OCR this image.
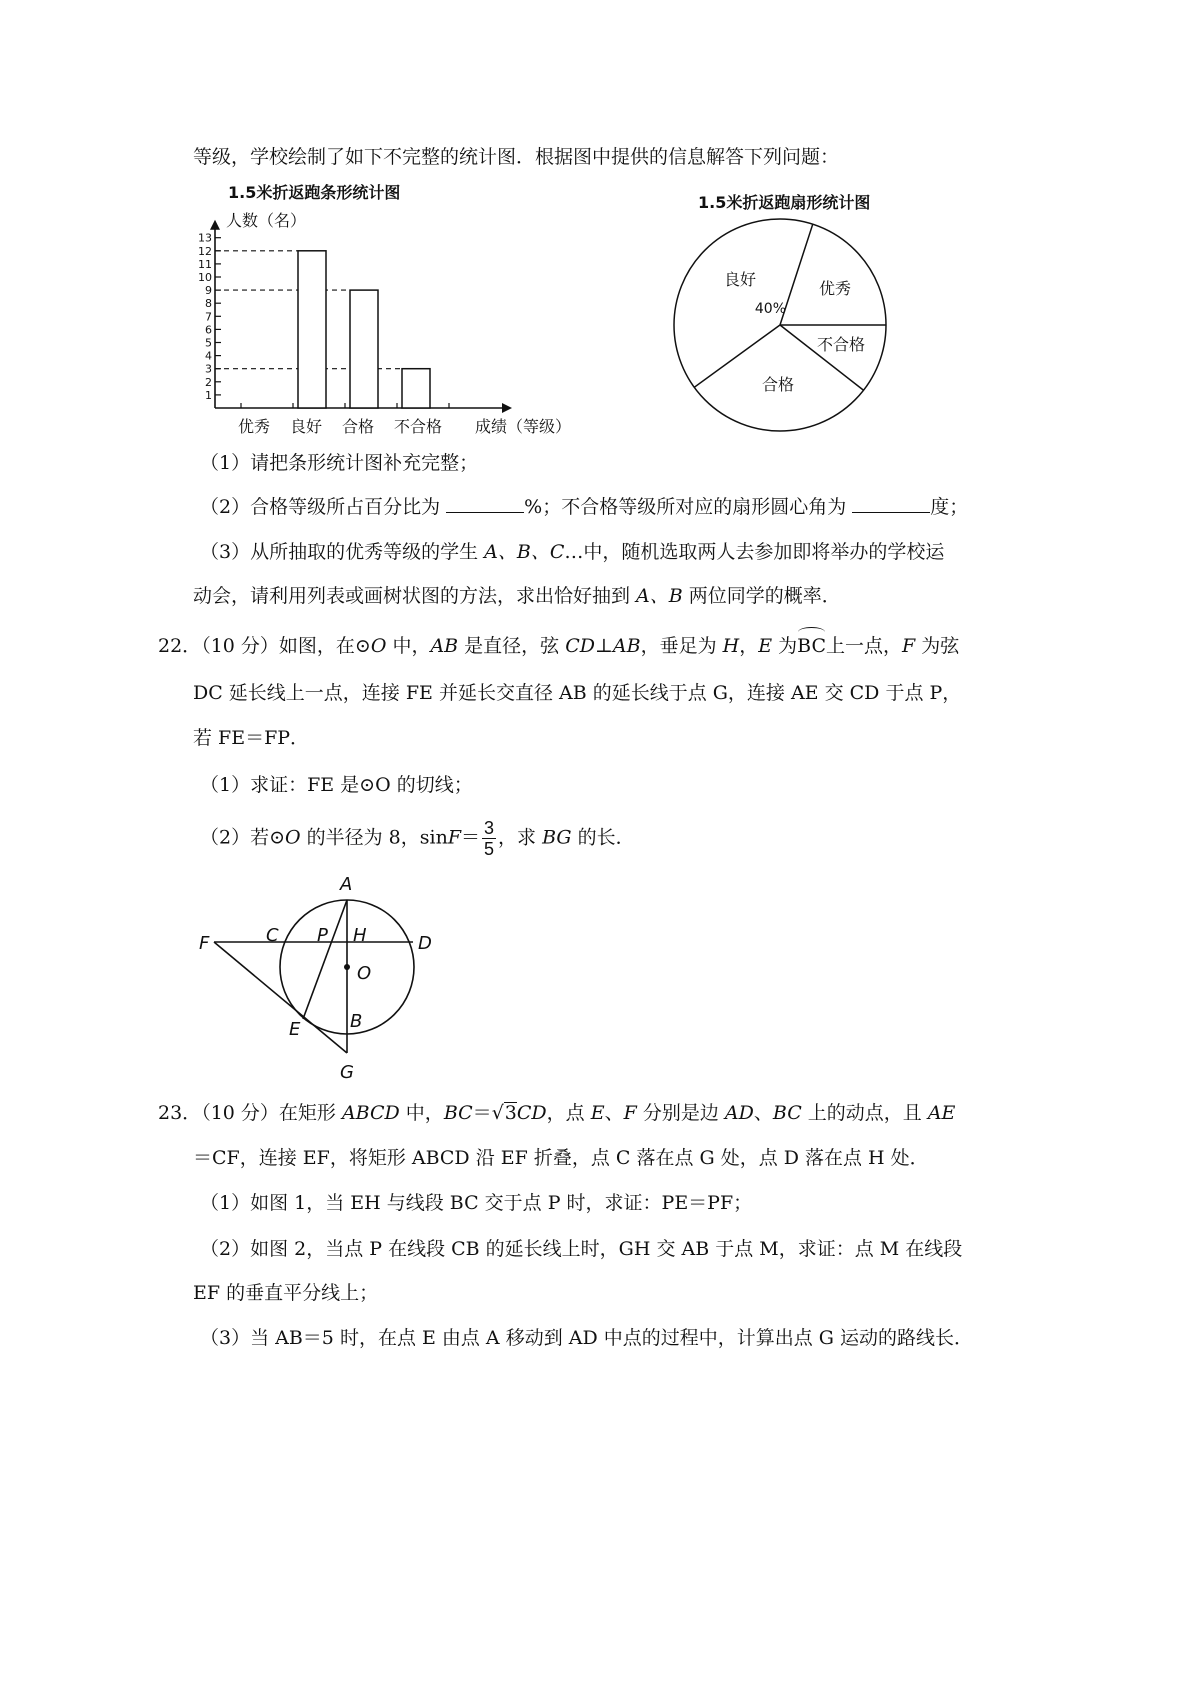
等级，学校绘制了如下不完整的统计图．根据图中提供的信息解答下列问题：
1.5米折返跑条形统计图
人数（名）
1
2
3
4
5
6
7
8
9
10
11
12
13
优秀 良好 合格 不合格 成绩（等级）
1.5米折返跑扇形统计图
良好
40%
优秀
不合格
合格
（1）请把条形统计图补充完整；
（2）合格等级所占百分比为	%；不合格等级所对应的扇形圆心角为	度；
（3）从所抽取的优秀等级的学生 A、B、C…中，随机选取两人去参加即将举办的学校运
动会，请利用列表或画树状图的方法，求出恰好抽到 A、B 两位同学的概率．
22．（10 分）如图，在⊙O 中，AB 是直径，弦 CD⊥AB，垂足为 H，E 为BC上一点，F 为弦
DC 延长线上一点，连接 FE 并延长交直径 AB 的延长线于点 G，连接 AE 交 CD 于点 P，
若 FE＝FP．
（1）求证：FE 是⊙O 的切线；
（2）若⊙O 的半径为 8，$\sin F= \frac{3}{5}$ ，求 BG 的长．
A
C P H	D
F
O
E	B
G
23．（10 分）在矩形 ABCD 中，BC＝√3CD，点 E、F 分别是边 AD、BC 上的动点，且 AE
＝CF，连接 EF，将矩形 ABCD 沿 EF 折叠，点 C 落在点 G 处，点 D 落在点 H 处．
（1）如图 1，当 EH 与线段 BC 交于点 P 时，求证：PE＝PF；
（2）如图 2，当点 P 在线段 CB 的延长线上时，GH 交 AB 于点 M，求证：点 M 在线段
EF 的垂直平分线上；
（3）当 AB＝5 时，在点 E 由点 A 移动到 AD 中点的过程中，计算出点 G 运动的路线长．
